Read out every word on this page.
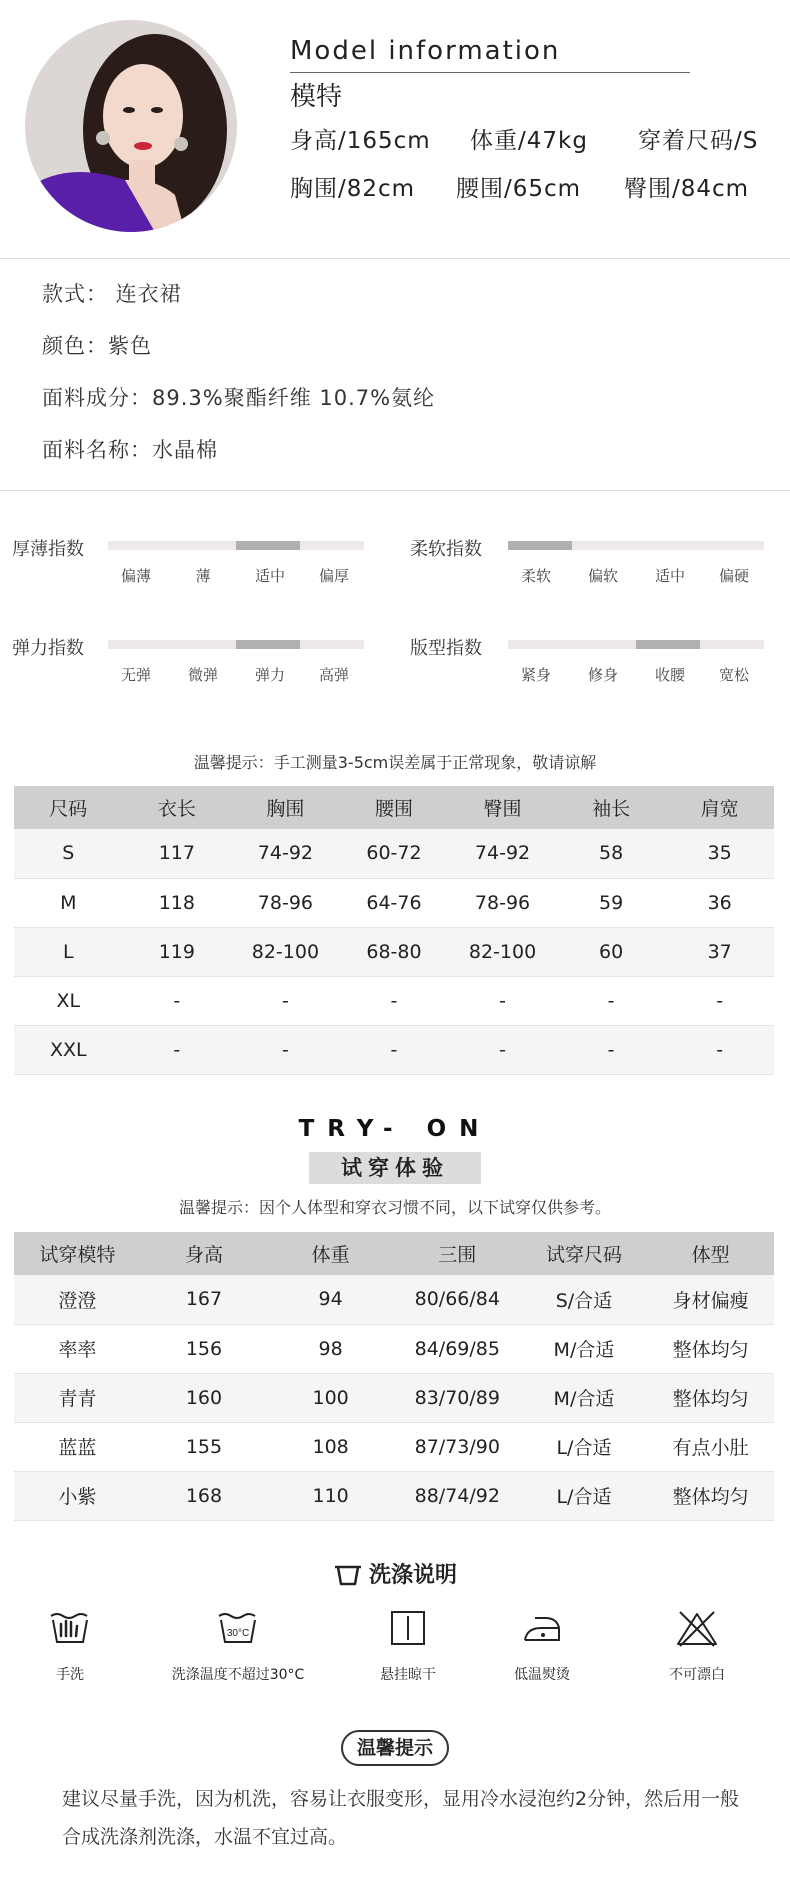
Model information
模特
身高/165cm 体重/47kg 穿着尺码/S
胸围/82cm 腰围/65cm 臀围/84cm
款式： 连衣裙
颜色：紫色
面料成分：89.3%聚酯纤维 10.7%氨纶
面料名称：水晶棉
厚薄指数
偏薄	薄	适中 偏厚
柔软指数
柔软 偏软 适中 偏硬
弹力指数
无弹 微弹 弹力 高弹
版型指数
紧身 修身 收腰 宽松
温馨提示：手工测量3-5cm误差属于正常现象，敬请谅解
尺码	衣长	胸围	腰围	臀围	袖长	肩宽
S	117	74-92	60-72	74-92	58	35
M	118	78-96	64-76	78-96	59	36
L	119	82-100	68-80	82-100	60	37
XL	-	-	-	-	-	-
XXL	-	-	-	-	-	-
TRY- ON
试穿体验
温馨提示：因个人体型和穿衣习惯不同，以下试穿仅供参考。
试穿模特	身高	体重	三围	试穿尺码	体型
澄澄	167	94	80/66/84	S/合适	身材偏瘦
率率	156	98	84/69/85	M/合适	整体均匀
青青	160	100	83/70/89	M/合适	整体均匀
蓝蓝	155	108	87/73/90	L/合适	有点小肚
小紫	168	110	88/74/92	L/合适	整体均匀
洗涤说明
手洗
30°C
洗涤温度不超过30°C	悬挂晾干	低温熨烫	不可漂白
温馨提示
建议尽量手洗，因为机洗，容易让衣服变形，显用冷水浸泡约2分钟，然后用一般合成洗涤剂洗涤，水温不宜过高。
